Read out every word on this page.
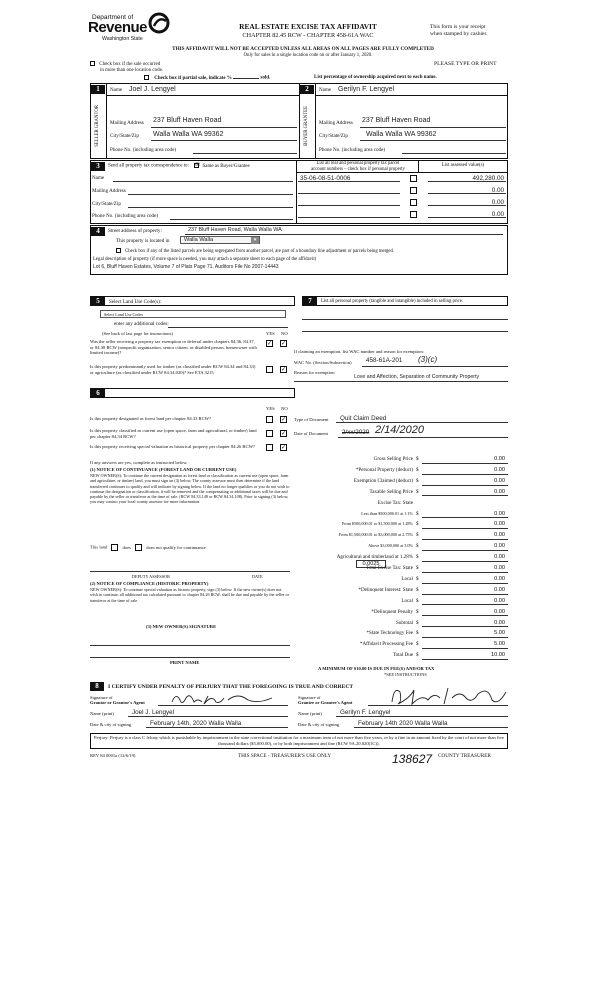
Department of
Revenue
Washington State
REAL ESTATE EXCISE TAX AFFIDAVIT
CHAPTER 82.45 RCW - CHAPTER 458-61A WAC
This form is your receipt
when stamped by cashier.
THIS AFFIDAVIT WILL NOT BE ACCEPTED UNLESS ALL AREAS ON ALL PAGES ARE FULLY COMPLETED
Only for sales in a single location code on or after January 1, 2020.
Check box if the sale occurred
in more than one location code.
PLEASE TYPE OR PRINT
Check box if partial sale, indicate %	sold.	List percentage of ownership acquired next to each name.
1
SELLER GRANTOR
Name Joel J. Lengyel
Mailing Address 237 Bluff Haven Road
City/State/Zip Walla Walla WA 99362
Phone No. (including area code)
2
BUYER GRANTEE
Name Gerilyn F. Lengyel
Mailing Address 237 Bluff Haven Road
City/State/Zip	Walla Walla WA 99362
Phone No. (including area code)
3	Send all property tax correspondence to: ☒ Same as Buyer/Grantee
Name
Mailing Address
City/State/Zip
Phone No. (including area code)
List all real and personal property tax parcel
account numbers – check box if personal property
List assessed value(s)
35-06-08-51-0006	492,280.00
0.00
0.00
0.00
4	Street address of property:	237 Bluff Haven Road, Walla Walla WA
This property is located in	Walla Walla	▾
Check box if any of the listed parcels are being segregated from another parcel, are part of a boundary line adjustment or parcels being merged.
Legal description of property (if more space is needed, you may attach a separate sheet to each page of the affidavit)
Lot 6, Bluff Haven Estates, Volume 7 of Plats Page 71, Auditors File No 2007-14443
5	Select Land Use Code(s):
Select Land Use Codes
enter any additional codes:
(See back of last page for instructions)	YES NO
Was the seller receiving a property tax exemption or deferral under chapters 84.36, 84.37, or 84.38 RCW (nonprofit organization, senior citizen, or disabled person, homeowner with limited income)?
✓ ✓
Is this property predominantly used for timber (as classified under RCW 84.34 and 84.33) or agriculture (as classified under RCW 84.34.020)? See ETA 3215	✓
6
YES NO
Is this property designated as forest land per chapter 84.33 RCW?	✓
Is this property classified as current use (open space, farm and agricultural, or timber) land per chapter 84.34 RCW?	✓
Is this property receiving special valuation as historical property per chapter 84.26 RCW?	✓
If any answers are yes, complete as instructed below.
(1) NOTICE OF CONTINUANCE (FOREST LAND OR CURRENT USE)
NEW OWNER(S): To continue the current designation as forest land or classification as current use (open space, farm and agriculture, or timber) land, you must sign on (3) below. The county assessor must then determine if the land transferred continues to qualify and will indicate by signing below. If the land no longer qualifies or you do not wish to continue the designation or classification, it will be removed and the compensating or additional taxes will be due and payable by the seller or transferor at the time of sale. (RCW 84.33.140 or RCW 84.34.108). Prior to signing (3) below, you may contact your local county assessor for more information.
This land	does	does not qualify for continuance.
DEPUTY ASSESSOR	DATE
(2) NOTICE OF COMPLIANCE (HISTORIC PROPERTY)
NEW OWNER(S): To continue special valuation as historic property, sign (3) below. If the new owner(s) does not wish to continue, all additional tax calculated pursuant to chapter 84.26 RCW, shall be due and payable by the seller or transferor at the time of sale.
(3) NEW OWNER(S) SIGNATURE
PRINT NAME
7	List all personal property (tangible and intangible) included in selling price.
If claiming an exemption, list WAC number and reason for exemption:
WAC No. (Section/Subsection) 458-61A-201 (3)(c)
Reason for exemption
Love and Affection, Separation of Community Property
Type of Document Quit Claim Deed
Date of Document 2/xx/2020 2/14/2020
Gross Selling Price $	0.00
*Personal Property (deduct) $	0.00
Exemption Claimed (deduct) $	0.00
Taxable Selling Price $	0.00
Excise Tax: State
Less than $500,000.01 at 1.1% $	0.00
From $500,000.01 to $1,500,000 at 1.28% $	0.00
From $1,500,000.01 to $3,000,000 at 2.75% $	0.00
Above $3,000,000 at 3.0% $	0.00
Agricultural and timberland at 1.28% $	0.00
Total Excise Tax: State $	0.00
Local $	0.00
*Delinquent Interest: State $	0.00
Local $	0.00
*Delinquent Penalty $	0.00
Subtotal $	0.00
*State Technology Fee $	5.00
*Affidavit Processing Fee $	5.00
Total Due $	10.00
0.0025
A MINIMUM OF $10.00 IS DUE IN FEE(S) AND/OR TAX
*SEE INSTRUCTIONS
8	I CERTIFY UNDER PENALTY OF PERJURY THAT THE FOREGOING IS TRUE AND CORRECT
Signature of
Grantor or Grantor's Agent
Signature of
Grantee or Grantee's Agent
Name (print)	Joel J. Lengyel	Name (print)	Gerilyn F. Lengyel
Date & city of signing	February 14th, 2020 Walla Walla	Date & city of signing	February 14th 2020 Walla Walla
Perjury: Perjury is a class C felony which is punishable by imprisonment in the state correctional institution for a maximum term of not more than five years, or by a fine in an amount fixed by the court of not more than five thousand dollars ($5,000.00), or by both imprisonment and fine (RCW 9A.20.020(1C)).
REV 84 0001a (12/6/19)	THIS SPACE - TREASURER'S USE ONLY	COUNTY TREASURER
138627
